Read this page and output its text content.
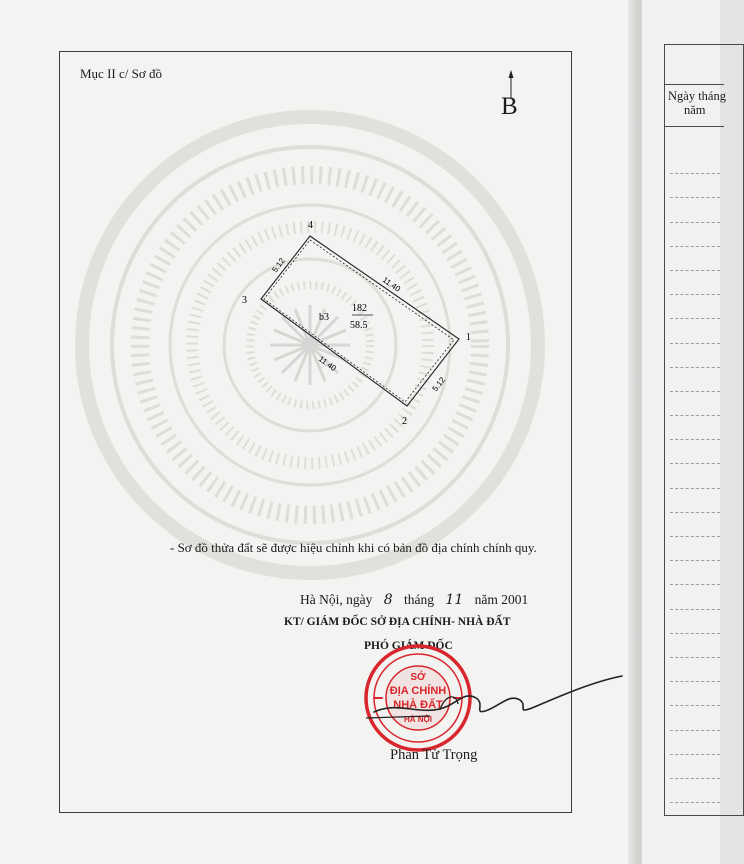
Mục II c/ Sơ đồ
B
1
2
3
4
11.40
11.40
5.12
5.12
b3
182
58.5
- Sơ đồ thửa đất sẽ được hiệu chỉnh khi có bản đồ địa chính chính quy.
Hà Nội, ngày 8 tháng 11 năm 2001
KT/ GIÁM ĐỐC SỞ ĐỊA CHÍNH- NHÀ ĐẤT
PHÓ GIÁM ĐỐC
SỞ
ĐỊA CHÍNH
NHÀ ĐẤT
HÀ NỘI
Phan Tử Trọng
Ngày tháng
năm
